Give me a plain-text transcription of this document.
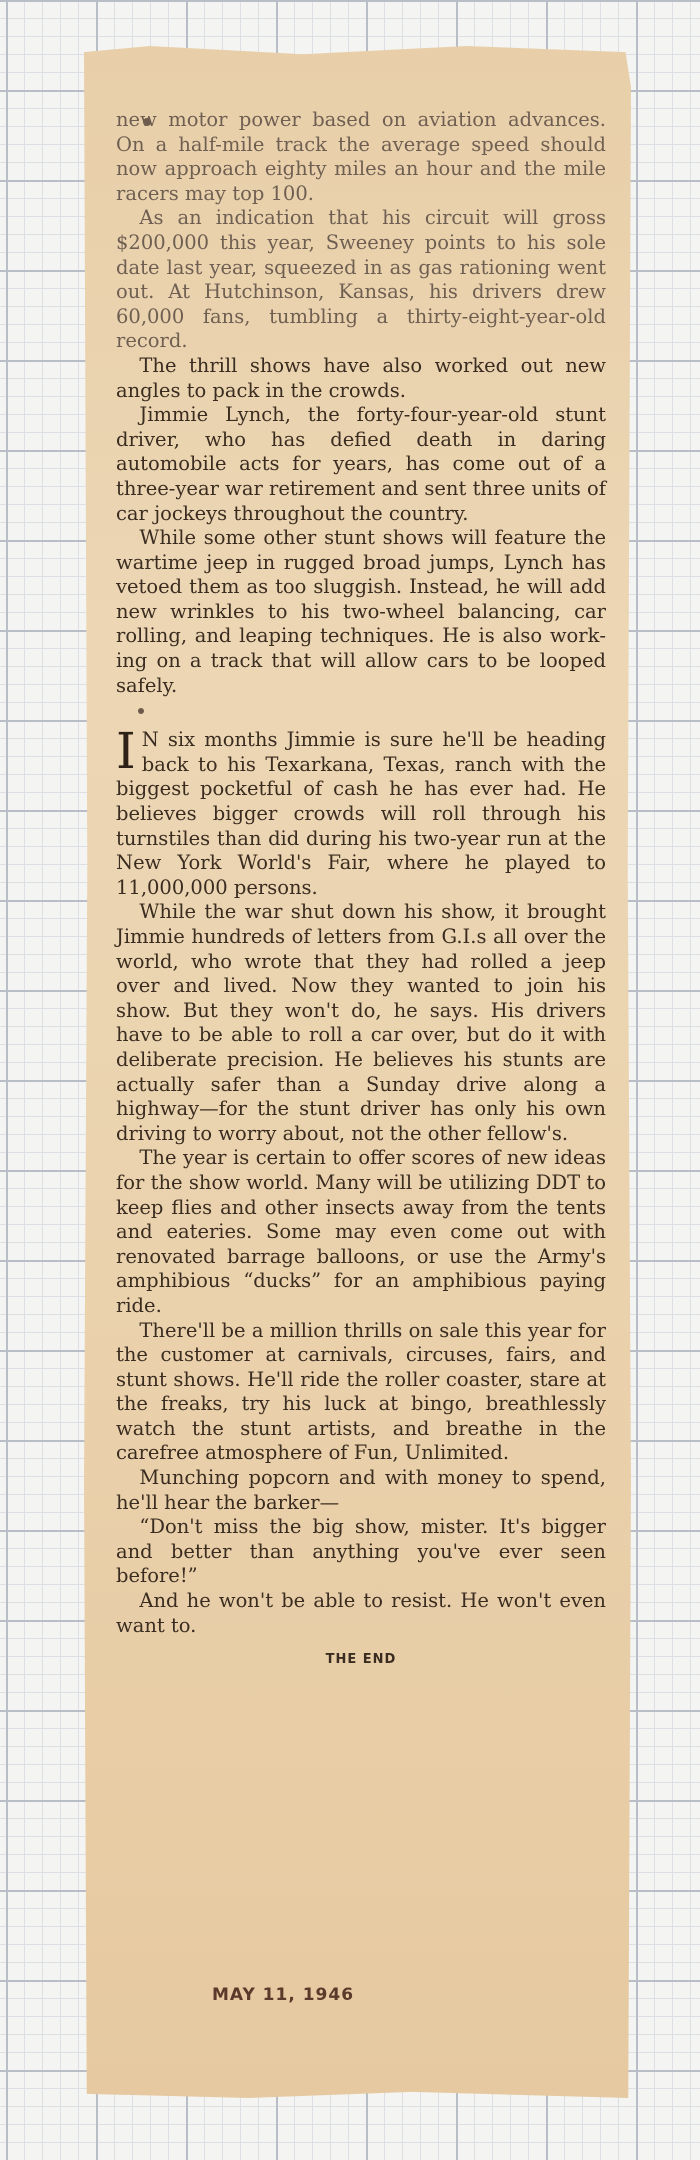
new motor power based on aviation advances. On a half-mile track the average speed should now approach eighty miles an hour and the mile racers may top 100.

As an indication that his circuit will gross $200,000 this year, Sweeney points to his sole date last year, squeezed in as gas rationing went out. At Hutchinson, Kansas, his drivers drew 60,000 fans, tumbling a thirty-eight-year-old record.

The thrill shows have also worked out new angles to pack in the crowds.

Jimmie Lynch, the forty-four-year-old stunt driver, who has defied death in daring automobile acts for years, has come out of a three-year war retirement and sent three units of car jockeys throughout the country.

While some other stunt shows will feature the wartime jeep in rugged broad jumps, Lynch has vetoed them as too sluggish. Instead, he will add new wrinkles to his two-wheel balancing, car rolling, and leaping techniques. He is also working on a track that will allow cars to be looped safely.

I N six months Jimmie is sure he'll be heading back to his Texarkana, Texas, ranch with the biggest pocketful of cash he has ever had. He believes bigger crowds will roll through his turnstiles than did during his two-year run at the New York World's Fair, where he played to 11,000,000 persons.

While the war shut down his show, it brought Jimmie hundreds of letters from G.I.s all over the world, who wrote that they had rolled a jeep over and lived. Now they wanted to join his show. But they won't do, he says. His drivers have to be able to roll a car over, but do it with deliberate precision. He believes his stunts are actually safer than a Sunday drive along a highway—for the stunt driver has only his own driving to worry about, not the other fellow's.

The year is certain to offer scores of new ideas for the show world. Many will be utilizing DDT to keep flies and other insects away from the tents and eateries. Some may even come out with renovated barrage balloons, or use the Army's amphibious “ducks” for an amphibious paying ride.

There'll be a million thrills on sale this year for the customer at carnivals, circuses, fairs, and stunt shows. He'll ride the roller coaster, stare at the freaks, try his luck at bingo, breathlessly watch the stunt artists, and breathe in the carefree atmosphere of Fun, Unlimited.

Munching popcorn and with money to spend, he'll hear the barker—

“Don't miss the big show, mister. It's bigger and better than anything you've ever seen before!”

And he won't be able to resist. He won't even want to.

THE END
MAY 11, 1946
